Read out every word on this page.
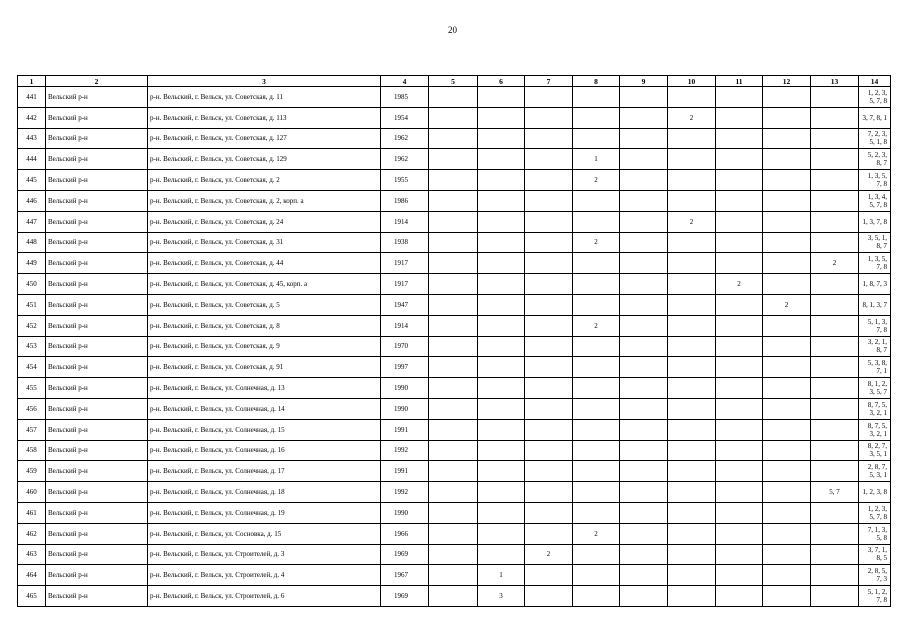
20
1	2	3	4	5	6	7	8	9	10	11	12	13	14
441	Вельский р-н	р-н. Вельский, г. Вельск, ул. Советская, д. 11	1985										1, 2, 3, 5, 7, 8
442	Вельский р-н	р-н. Вельский, г. Вельск, ул. Советская, д. 113	1954						2				3, 7, 8, 1
443	Вельский р-н	р-н. Вельский, г. Вельск, ул. Советская, д. 127	1962										7, 2, 3, 5, 1, 8
444	Вельский р-н	р-н. Вельский, г. Вельск, ул. Советская, д. 129	1962				1						5, 2, 3, 8, 7
445	Вельский р-н	р-н. Вельский, г. Вельск, ул. Советская, д. 2	1955				2						1, 3, 5, 7, 8
446	Вельский р-н	р-н. Вельский, г. Вельск, ул. Советская, д. 2, корп. а	1986										1, 3, 4, 5, 7, 8
447	Вельский р-н	р-н. Вельский, г. Вельск, ул. Советская, д. 24	1914						2				1, 3, 7, 8
448	Вельский р-н	р-н. Вельский, г. Вельск, ул. Советская, д. 31	1938				2						3, 5, 1, 8, 7
449	Вельский р-н	р-н. Вельский, г. Вельск, ул. Советская, д. 44	1917									2	1, 3, 5, 7, 8
450	Вельский р-н	р-н. Вельский, г. Вельск, ул. Советская, д. 45, корп. а	1917							2			1, 8, 7, 3
451	Вельский р-н	р-н. Вельский, г. Вельск, ул. Советская, д. 5	1947								2		8, 1, 3, 7
452	Вельский р-н	р-н. Вельский, г. Вельск, ул. Советская, д. 8	1914				2						5, 1, 3, 7, 8
453	Вельский р-н	р-н. Вельский, г. Вельск, ул. Советская, д. 9	1970										3, 2, 1, 8, 7
454	Вельский р-н	р-н. Вельский, г. Вельск, ул. Советская, д. 91	1997										5, 3, 8, 7, 1
455	Вельский р-н	р-н. Вельский, г. Вельск, ул. Солнечная, д. 13	1990										8, 1, 2, 3, 5, 7
456	Вельский р-н	р-н. Вельский, г. Вельск, ул. Солнечная, д. 14	1990										8, 7, 5, 3, 2, 1
457	Вельский р-н	р-н. Вельский, г. Вельск, ул. Солнечная, д. 15	1991										8, 7, 5, 3, 2, 1
458	Вельский р-н	р-н. Вельский, г. Вельск, ул. Солнечная, д. 16	1992										8, 2, 7, 3, 5, 1
459	Вельский р-н	р-н. Вельский, г. Вельск, ул. Солнечная, д. 17	1991										2, 8, 7, 5, 3, 1
460	Вельский р-н	р-н. Вельский, г. Вельск, ул. Солнечная, д. 18	1992									5, 7	1, 2, 3, 8
461	Вельский р-н	р-н. Вельский, г. Вельск, ул. Солнечная, д. 19	1990										1, 2, 3, 5, 7, 8
462	Вельский р-н	р-н. Вельский, г. Вельск, ул. Сосновка, д. 15	1966				2						7, 1, 3, 5, 8
463	Вельский р-н	р-н. Вельский, г. Вельск, ул. Строителей, д. 3	1969			2							3, 7, 1, 8, 5
464	Вельский р-н	р-н. Вельский, г. Вельск, ул. Строителей, д. 4	1967		1								2, 8, 5, 7, 3
465	Вельский р-н	р-н. Вельский, г. Вельск, ул. Строителей, д. 6	1969		3								5, 1, 2, 7, 8
